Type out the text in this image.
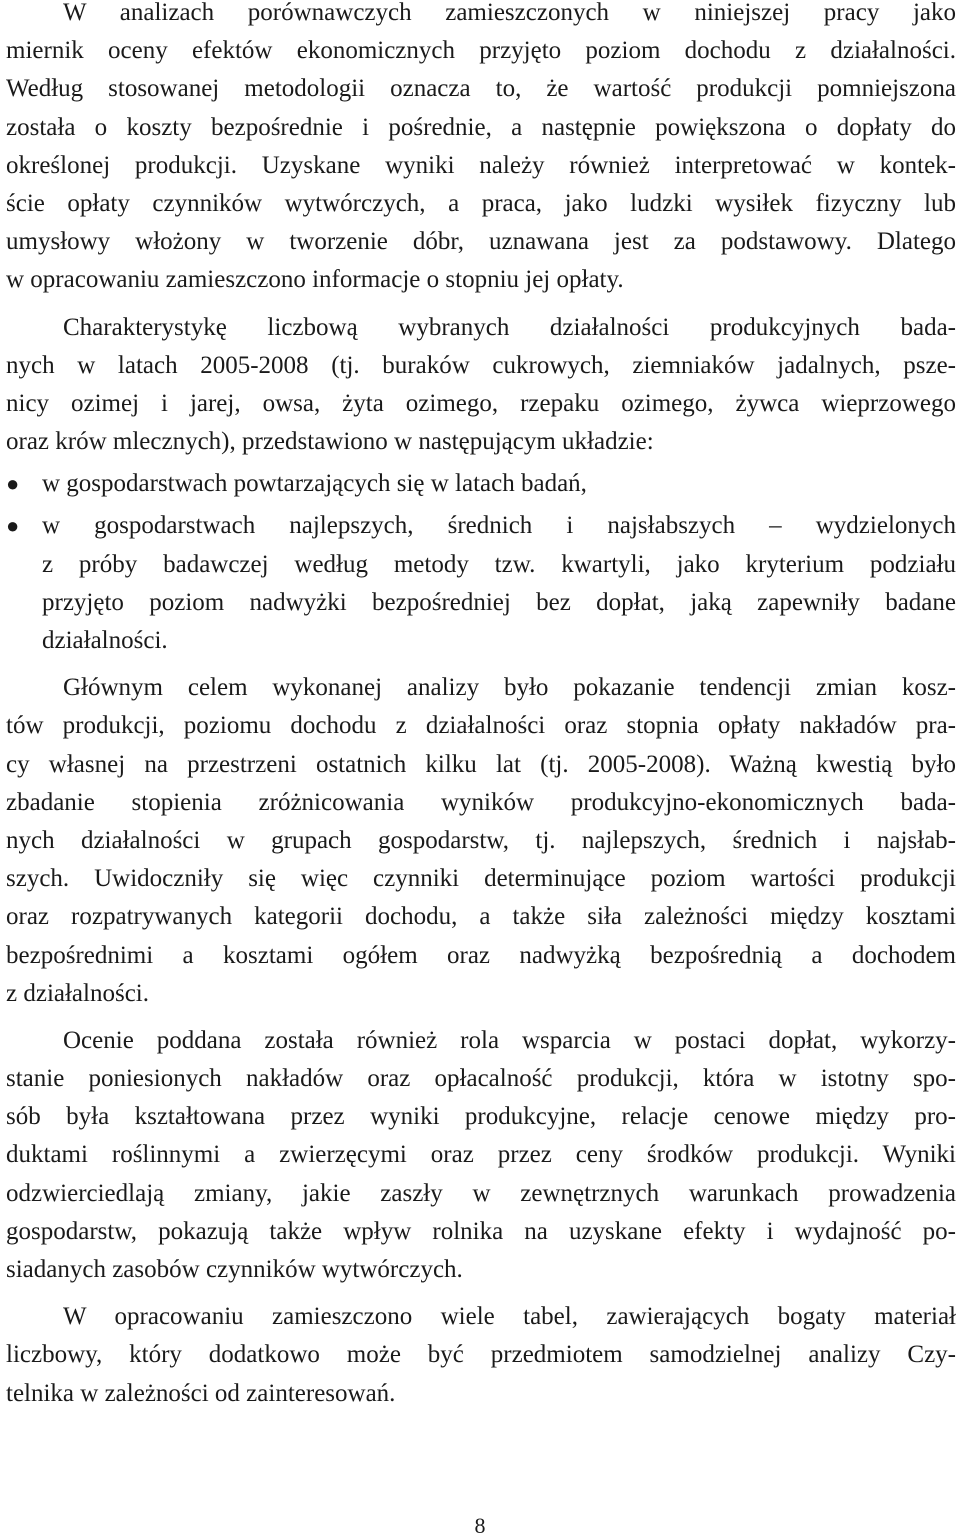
W analizach porównawczych zamieszczonych w niniejszej pracy jako
miernik oceny efektów ekonomicznych przyjęto poziom dochodu z działalności.
Według stosowanej metodologii oznacza to, że wartość produkcji pomniejszona
została o koszty bezpośrednie i pośrednie, a następnie powiększona o dopłaty do
określonej produkcji. Uzyskane wyniki należy również interpretować w kontek-
ście opłaty czynników wytwórczych, a praca, jako ludzki wysiłek fizyczny lub
umysłowy włożony w tworzenie dóbr, uznawana jest za podstawowy. Dlatego
w opracowaniu zamieszczono informacje o stopniu jej opłaty.
Charakterystykę liczbową wybranych działalności produkcyjnych bada-
nych w latach 2005-2008 (tj. buraków cukrowych, ziemniaków jadalnych, psze-
nicy ozimej i jarej, owsa, żyta ozimego, rzepaku ozimego, żywca wieprzowego
oraz krów mlecznych), przedstawiono w następującym układzie:
● w gospodarstwach powtarzających się w latach badań,
● w gospodarstwach najlepszych, średnich i najsłabszych – wydzielonych
z próby badawczej według metody tzw. kwartyli, jako kryterium podziału
przyjęto poziom nadwyżki bezpośredniej bez dopłat, jaką zapewniły badane
działalności.
Głównym celem wykonanej analizy było pokazanie tendencji zmian kosz-
tów produkcji, poziomu dochodu z działalności oraz stopnia opłaty nakładów pra-
cy własnej na przestrzeni ostatnich kilku lat (tj. 2005-2008). Ważną kwestią było
zbadanie stopienia zróżnicowania wyników produkcyjno-ekonomicznych bada-
nych działalności w grupach gospodarstw, tj. najlepszych, średnich i najsłab-
szych. Uwidoczniły się więc czynniki determinujące poziom wartości produkcji
oraz rozpatrywanych kategorii dochodu, a także siła zależności między kosztami
bezpośrednimi a kosztami ogółem oraz nadwyżką bezpośrednią a dochodem
z działalności.
Ocenie poddana została również rola wsparcia w postaci dopłat, wykorzy-
stanie poniesionych nakładów oraz opłacalność produkcji, która w istotny spo-
sób była kształtowana przez wyniki produkcyjne, relacje cenowe między pro-
duktami roślinnymi a zwierzęcymi oraz przez ceny środków produkcji. Wyniki
odzwierciedlają zmiany, jakie zaszły w zewnętrznych warunkach prowadzenia
gospodarstw, pokazują także wpływ rolnika na uzyskane efekty i wydajność po-
siadanych zasobów czynników wytwórczych.
W opracowaniu zamieszczono wiele tabel, zawierających bogaty materiał
liczbowy, który dodatkowo może być przedmiotem samodzielnej analizy Czy-
telnika w zależności od zainteresowań.
8
